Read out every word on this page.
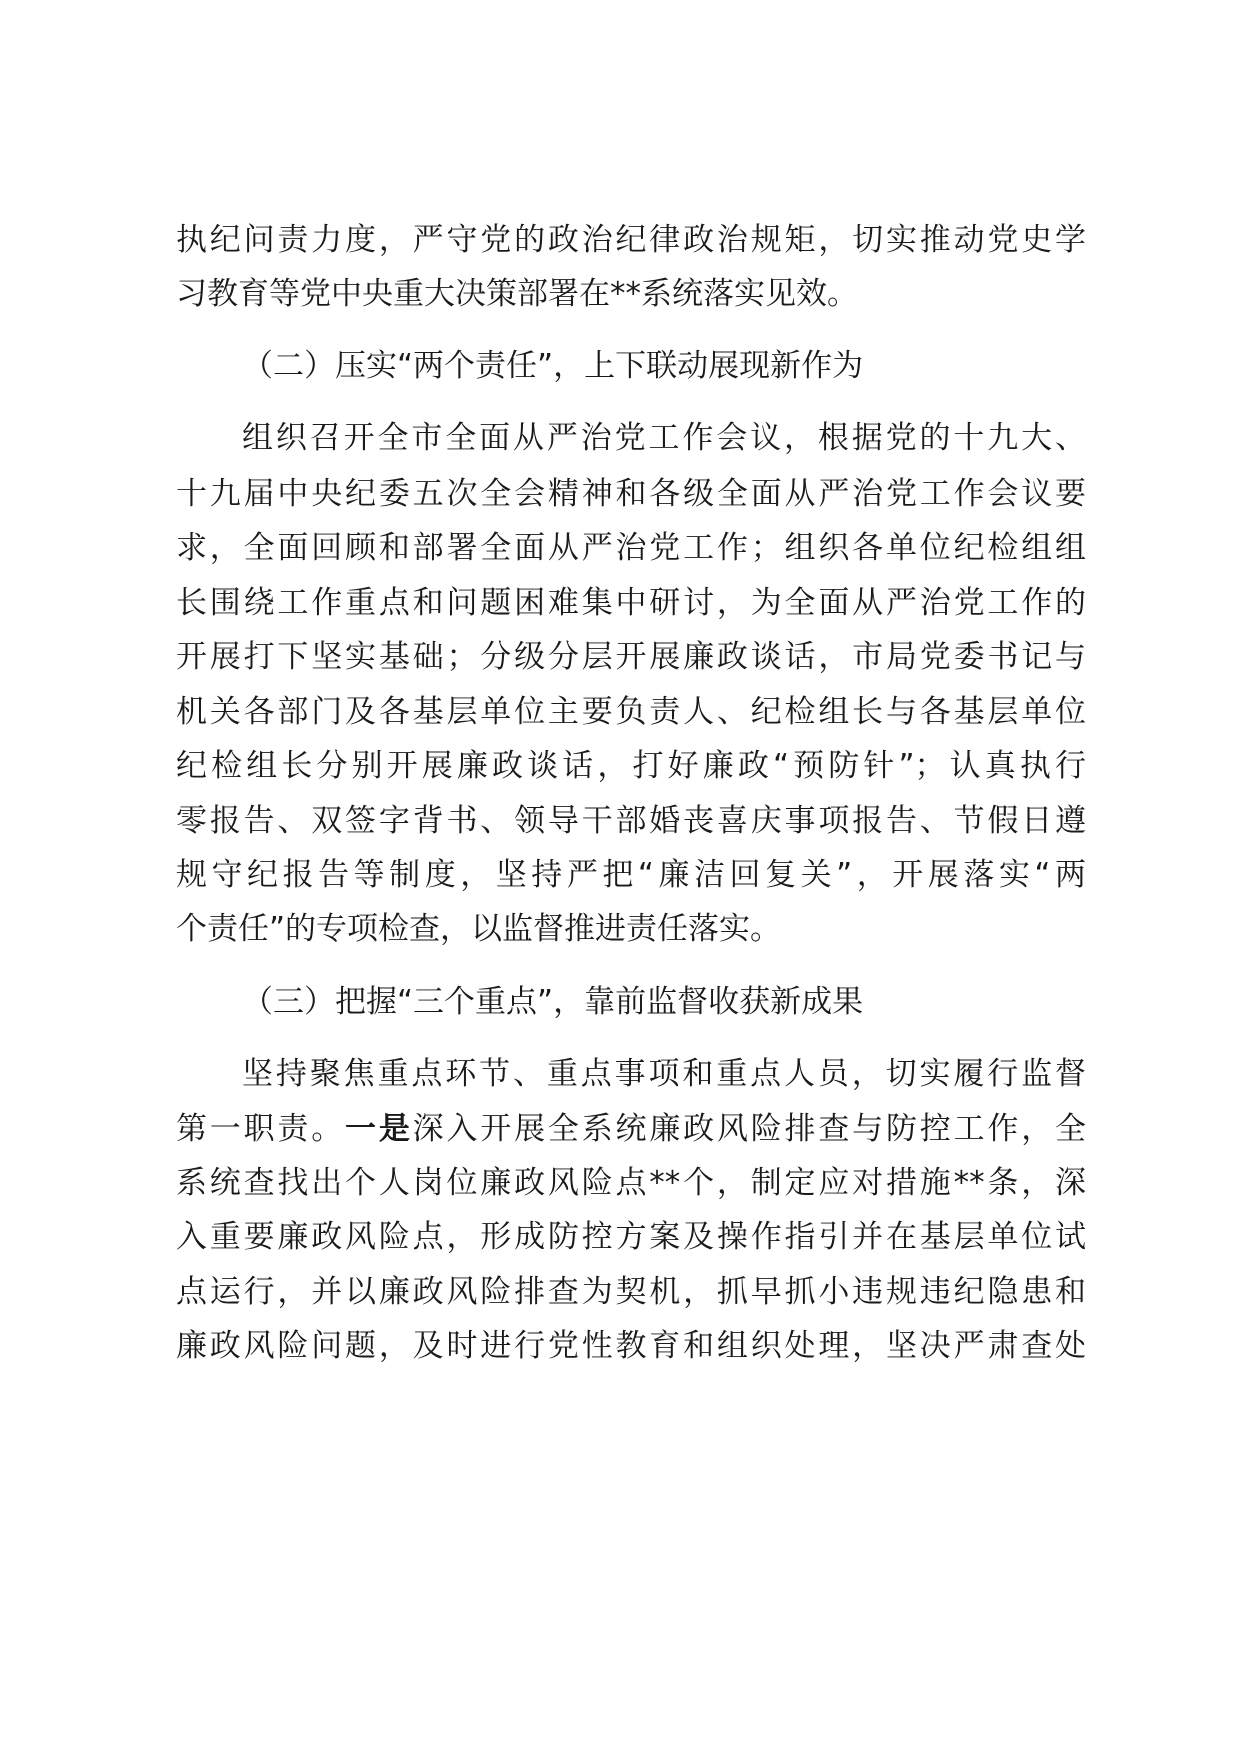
执纪问责力度，严守党的政治纪律政治规矩，切实推动党史学
习教育等党中央重大决策部署在**系统落实见效。
（二）压实“两个责任”，上下联动展现新作为
组织召开全市全面从严治党工作会议，根据党的十九大、
十九届中央纪委五次全会精神和各级全面从严治党工作会议要
求，全面回顾和部署全面从严治党工作；组织各单位纪检组组
长围绕工作重点和问题困难集中研讨，为全面从严治党工作的
开展打下坚实基础；分级分层开展廉政谈话，市局党委书记与
机关各部门及各基层单位主要负责人、纪检组长与各基层单位
纪检组长分别开展廉政谈话，打好廉政“预防针”；认真执行
零报告、双签字背书、领导干部婚丧喜庆事项报告、节假日遵
规守纪报告等制度，坚持严把“廉洁回复关”，开展落实“两
个责任”的专项检查，以监督推进责任落实。
（三）把握“三个重点”，靠前监督收获新成果
坚持聚焦重点环节、重点事项和重点人员，切实履行监督
第一职责。一是深入开展全系统廉政风险排查与防控工作，全
系统查找出个人岗位廉政风险点**个，制定应对措施**条，深
入重要廉政风险点，形成防控方案及操作指引并在基层单位试
点运行，并以廉政风险排查为契机，抓早抓小违规违纪隐患和
廉政风险问题，及时进行党性教育和组织处理，坚决严肃查处
